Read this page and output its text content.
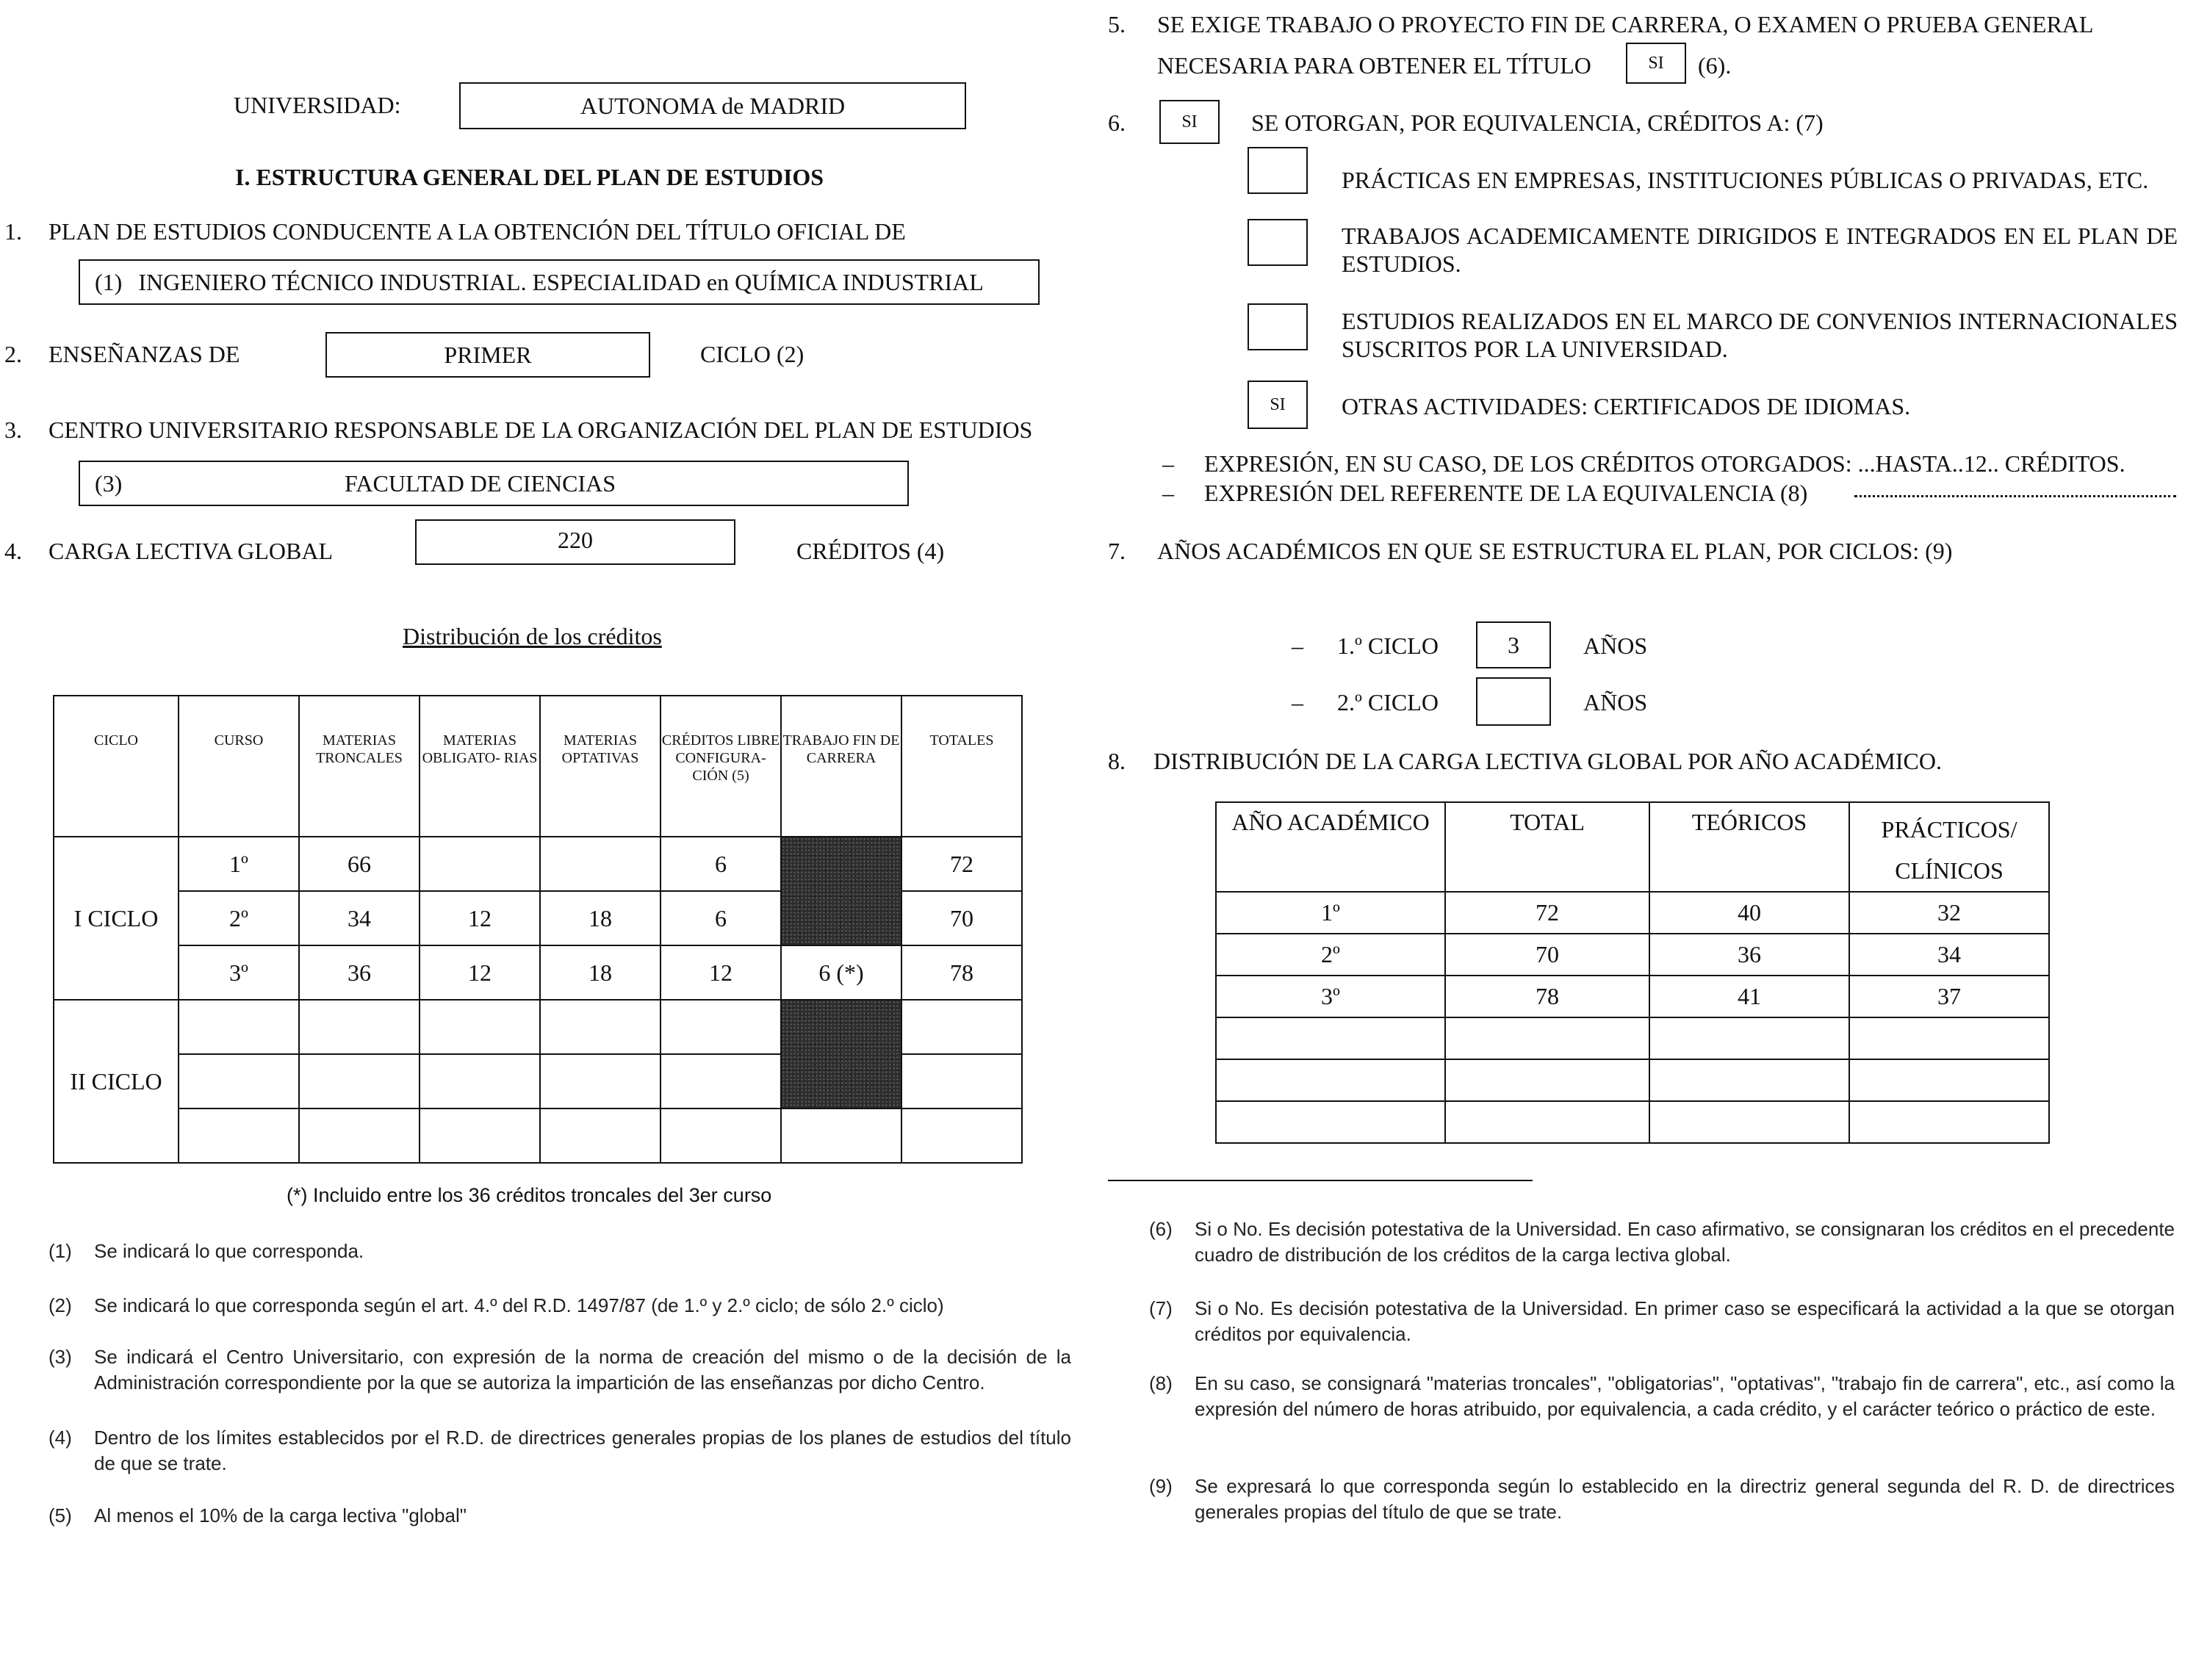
UNIVERSIDAD:	AUTONOMA de MADRID
I. ESTRUCTURA GENERAL DEL PLAN DE ESTUDIOS
1. PLAN DE ESTUDIOS CONDUCENTE A LA OBTENCIÓN DEL TÍTULO OFICIAL DE
(1) INGENIERO TÉCNICO INDUSTRIAL. ESPECIALIDAD en QUÍMICA INDUSTRIAL
2. ENSEÑANZAS DE	PRIMER	CICLO (2)
3. CENTRO UNIVERSITARIO RESPONSABLE DE LA ORGANIZACIÓN DEL PLAN DE ESTUDIOS
(3)	FACULTAD DE CIENCIAS
4. CARGA LECTIVA GLOBAL	220	CRÉDITOS (4)
Distribución de los créditos
CICLO	CURSO	MATERIAS TRONCALES	MATERIAS OBLIGATO- RIAS	MATERIAS OPTATIVAS	CRÉDITOS LIBRE CONFIGURA- CIÓN (5)	TRABAJO FIN DE CARRERA	TOTALES
I CICLO	1º	66			6		72
	2º	34	12	18	6		70
	3º	36	12	18	12	6 (*)	78
II CICLO							

(*) Incluido entre los 36 créditos troncales del 3er curso
(1) Se indicará lo que corresponda.
(2) Se indicará lo que corresponda según el art. 4.º del R.D. 1497/87 (de 1.º y 2.º ciclo; de sólo 2.º ciclo)
(3) Se indicará el Centro Universitario, con expresión de la norma de creación del mismo o de la decisión de la Administración correspondiente por la que se autoriza la impartición de las enseñanzas por dicho Centro.
(4) Dentro de los límites establecidos por el R.D. de directrices generales propias de los planes de estudios del título de que se trate.
(5) Al menos el 10% de la carga lectiva "global"
5. SE EXIGE TRABAJO O PROYECTO FIN DE CARRERA, O EXAMEN O PRUEBA GENERAL
NECESARIA PARA OBTENER EL TÍTULO	SI (6).
6.	SI SE OTORGAN, POR EQUIVALENCIA, CRÉDITOS A: (7)
PRÁCTICAS EN EMPRESAS, INSTITUCIONES PÚBLICAS O PRIVADAS, ETC.
TRABAJOS ACADEMICAMENTE DIRIGIDOS E INTEGRADOS EN EL PLAN DE ESTUDIOS.
ESTUDIOS REALIZADOS EN EL MARCO DE CONVENIOS INTERNACIONALES SUSCRITOS POR LA UNIVERSIDAD.
SI OTRAS ACTIVIDADES: CERTIFICADOS DE IDIOMAS.
– EXPRESIÓN, EN SU CASO, DE LOS CRÉDITOS OTORGADOS: ...HASTA..12.. CRÉDITOS.
– EXPRESIÓN DEL REFERENTE DE LA EQUIVALENCIA (8)
7. AÑOS ACADÉMICOS EN QUE SE ESTRUCTURA EL PLAN, POR CICLOS: (9)
– 1.º CICLO	3	AÑOS
– 2.º CICLO	AÑOS
8. DISTRIBUCIÓN DE LA CARGA LECTIVA GLOBAL POR AÑO ACADÉMICO.
AÑO ACADÉMICO	TOTAL	TEÓRICOS	PRÁCTICOS/ CLÍNICOS
1º	72	40	32
2º	70	36	34
3º	78	41	37

(6) Si o No. Es decisión potestativa de la Universidad. En caso afirmativo, se consignaran los créditos en el precedente cuadro de distribución de los créditos de la carga lectiva global.
(7) Si o No. Es decisión potestativa de la Universidad. En primer caso se especificará la actividad a la que se otorgan créditos por equivalencia.
(8) En su caso, se consignará "materias troncales", "obligatorias", "optativas", "trabajo fin de carrera", etc., así como la expresión del número de horas atribuido, por equivalencia, a cada crédito, y el carácter teórico o práctico de este.
(9) Se expresará lo que corresponda según lo establecido en la directriz general segunda del R. D. de directrices generales propias del título de que se trate.
